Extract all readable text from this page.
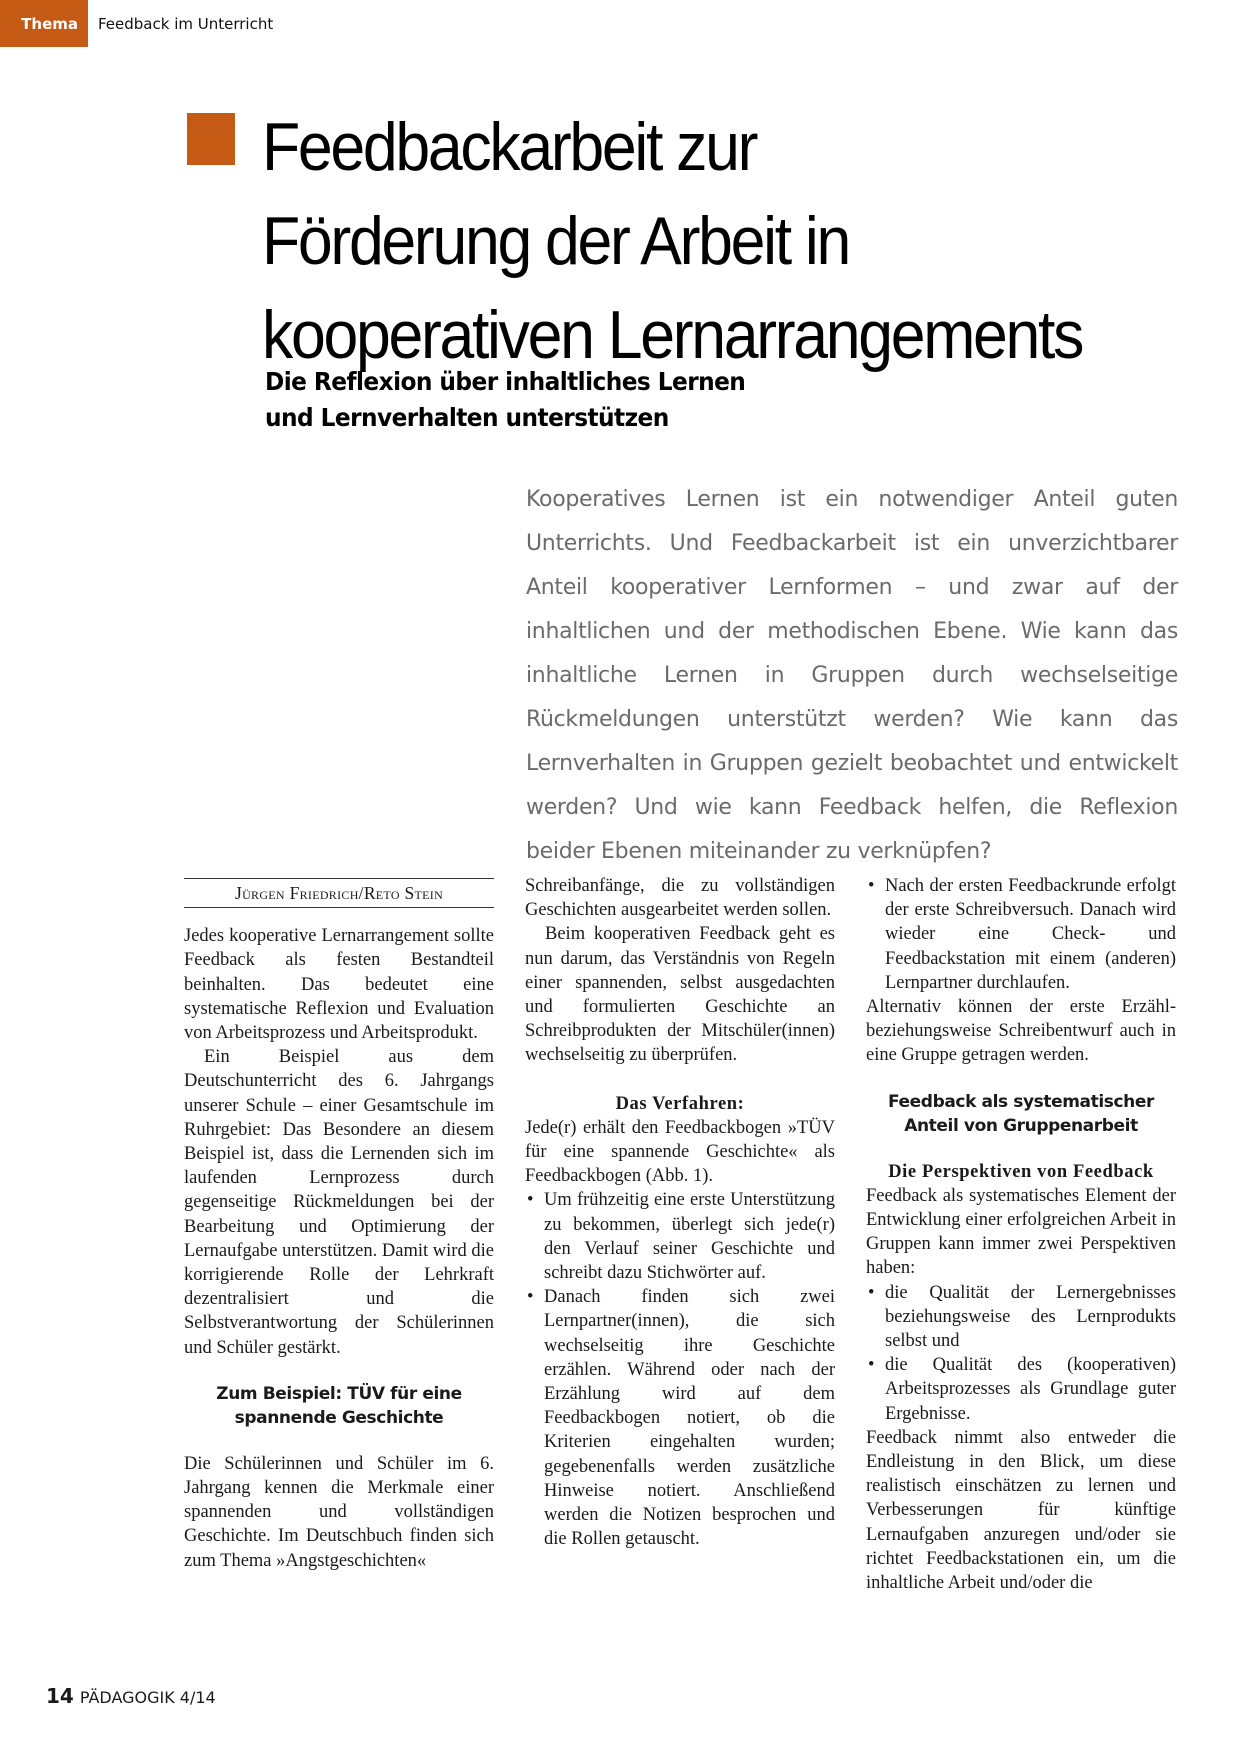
Thema Feedback im Unterricht
Feedbackarbeit zur
Förderung der Arbeit in
kooperativen Lernarrangements
Die Reflexion über inhaltliches Lernen
und Lernverhalten unterstützen

Kooperatives Lernen ist ein notwendiger Anteil guten Unterrichts. Und Feedbackarbeit ist ein unverzichtbarer Anteil kooperativer Lernformen – und zwar auf der inhaltlichen und der methodischen Ebene. Wie kann das inhaltliche Lernen in Gruppen durch wechselseitige Rückmeldungen unterstützt werden? Wie kann das Lernverhalten in Gruppen gezielt beobachtet und entwickelt werden? Und wie kann Feedback helfen, die Reflexion beider Ebenen miteinander zu verknüpfen?

Jürgen Friedrich/Reto Stein

Jedes kooperative Lernarrangement sollte Feedback als festen Bestandteil beinhalten. Das bedeutet eine systematische Reflexion und Evaluation von Arbeitsprozess und Arbeitsprodukt.

Ein Beispiel aus dem Deutschunterricht des 6. Jahrgangs unserer Schule – einer Gesamtschule im Ruhrgebiet: Das Besondere an diesem Beispiel ist, dass die Lernenden sich im laufenden Lernprozess durch gegenseitige Rückmeldungen bei der Bearbeitung und Optimierung der Lernaufgabe unterstützen. Damit wird die korrigierende Rolle der Lehrkraft dezentralisiert und die Selbstverantwortung der Schülerinnen und Schüler gestärkt.

Zum Beispiel: TÜV für eine spannende Geschichte

Die Schülerinnen und Schüler im 6. Jahrgang kennen die Merkmale einer spannenden und vollständigen Geschichte. Im Deutschbuch finden sich zum Thema »Angstgeschichten«

Schreibanfänge, die zu vollständigen Geschichten ausgearbeitet werden sollen.

Beim kooperativen Feedback geht es nun darum, das Verständnis von Regeln einer spannenden, selbst ausgedachten und formulierten Geschichte an Schreibprodukten der Mitschüler(innen) wechselseitig zu überprüfen.

Das Verfahren:

Jede(r) erhält den Feedbackbogen »TÜV für eine spannende Geschichte« als Feedbackbogen (Abb. 1).

• Um frühzeitig eine erste Unterstützung zu bekommen, überlegt sich jede(r) den Verlauf seiner Geschichte und schreibt dazu Stichwörter auf.
• Danach finden sich zwei Lernpartner(innen), die sich wechselseitig ihre Geschichte erzählen. Während oder nach der Erzählung wird auf dem Feedbackbogen notiert, ob die Kriterien eingehalten wurden; gegebenenfalls werden zusätzliche Hinweise notiert. Anschließend werden die Notizen besprochen und die Rollen getauscht.
• Nach der ersten Feedbackrunde erfolgt der erste Schreibversuch. Danach wird wieder eine Check- und Feedbackstation mit einem (anderen) Lernpartner durchlaufen.

Alternativ können der erste Erzähl- beziehungsweise Schreibentwurf auch in eine Gruppe getragen werden.

Feedback als systematischer Anteil von Gruppenarbeit
Die Perspektiven von Feedback

Feedback als systematisches Element der Entwicklung einer erfolgreichen Arbeit in Gruppen kann immer zwei Perspektiven haben:

• die Qualität der Lernergebnisses beziehungsweise des Lernprodukts selbst und
• die Qualität des (kooperativen) Arbeitsprozesses als Grundlage guter Ergebnisse.

Feedback nimmt also entweder die Endleistung in den Blick, um diese realistisch einschätzen zu lernen und Verbesserungen für künftige Lernaufgaben anzuregen und/oder sie richtet Feedbackstationen ein, um die inhaltliche Arbeit und/oder die

14 PÄDAGOGIK 4/14
